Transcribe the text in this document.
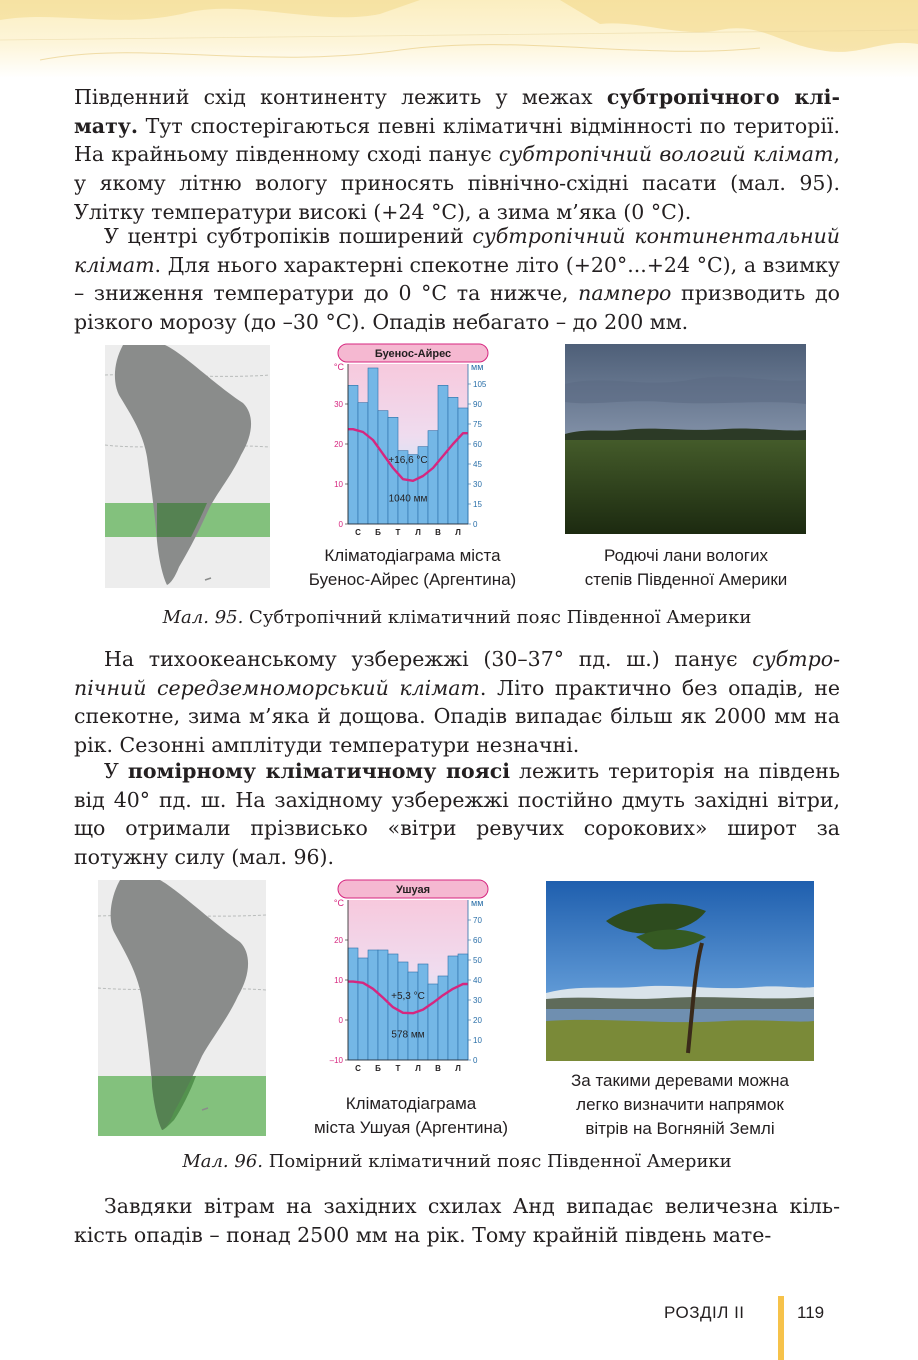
Південний схід континенту лежить у межах субтропічного клімату. Тут спостерігаються певні кліматичні відмінності по території. На крайньому південному сході панує субтропічний вологий клімат, у якому літню вологу приносять північно-східні пасати (мал. 95). Улітку температури високі (+24 °С), а зима м’яка (0 °С).

У центрі субтропіків поширений субтропічний континентальний клімат. Для нього характерні спекотне літо (+20°...+24 °С), а взимку – зниження температури до 0 °С та нижче, памперо призводить до різкого морозу (до –30 °С). Опадів небагато – до 200 мм.

Буенос-Айрес
°С	мм
0
10
20
30
0
15
30
45
60
75
90
105
С Б Т Л В Л
+16,6 °С
1040 мм
Кліматодіаграма міста
Буенос-Айрес (Аргентина)
Родючі лани вологих
степів Південної Америки
Мал. 95. Субтропічний кліматичний пояс Південної Америки

На тихоокеанському узбережжі (30–37° пд. ш.) панує субтропічний середземноморський клімат. Літо практично без опадів, не спекотне, зима м’яка й дощова. Опадів випадає більш як 2000 мм на рік. Сезонні амплітуди температури незначні.

У помірному кліматичному поясі лежить територія на південь від 40° пд. ш. На західному узбережжі постійно дмуть західні вітри, що отримали прізвисько «вітри ревучих сорокових» широт за потужну силу (мал. 96).

Ушуая
°С	мм
–10
0
10
20
0
10
20
30
40
50
60
70
С Б Т Л В Л
+5,3 °С
578 мм
Кліматодіаграма
міста Ушуая (Аргентина)
За такими деревами можна
легко визначити напрямок
вітрів на Вогняній Землі
Мал. 96. Помірний кліматичний пояс Південної Америки

Завдяки вітрам на західних схилах Анд випадає величезна кількість опадів – понад 2500 мм на рік. Тому крайній південь мате-

РОЗДІЛ II	119
